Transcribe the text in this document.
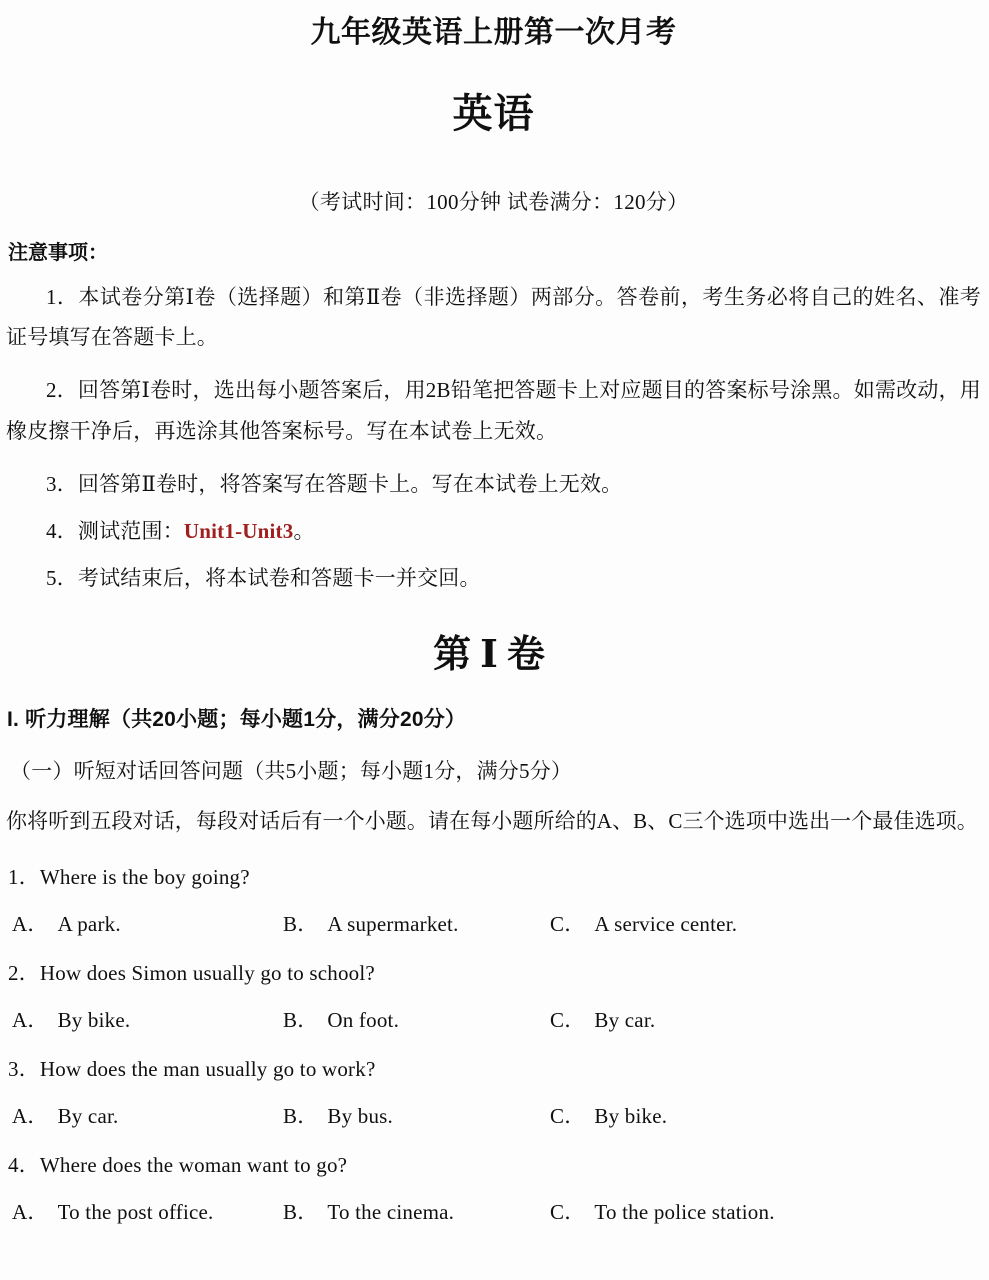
九年级英语上册第一次月考
英语

（考试时间：100分钟 试卷满分：120分）

注意事项：

1．本试卷分第Ⅰ卷（选择题）和第Ⅱ卷（非选择题）两部分。答卷前，考生务必将自己的姓名、准考证号填写在答题卡上。

2．回答第Ⅰ卷时，选出每小题答案后，用2B铅笔把答题卡上对应题目的答案标号涂黑。如需改动，用橡皮擦干净后，再选涂其他答案标号。写在本试卷上无效。

3．回答第Ⅱ卷时，将答案写在答题卡上。写在本试卷上无效。

4．测试范围：Unit1-Unit3。

5．考试结束后，将本试卷和答题卡一并交回。

第Ⅰ卷

I. 听力理解（共20小题；每小题1分，满分20分）

（一）听短对话回答问题（共5小题；每小题1分，满分5分）

你将听到五段对话，每段对话后有一个小题。请在每小题所给的A、B、C三个选项中选出一个最佳选项。

1．Where is the boy going?

A． A park.	B． A supermarket.	C． A service center.

2．How does Simon usually go to school?

A． By bike.	B． On foot.	C． By car.

3．How does the man usually go to work?

A． By car.	B． By bus.	C． By bike.

4．Where does the woman want to go?

A． To the post office.	B． To the cinema.	C． To the police station.
